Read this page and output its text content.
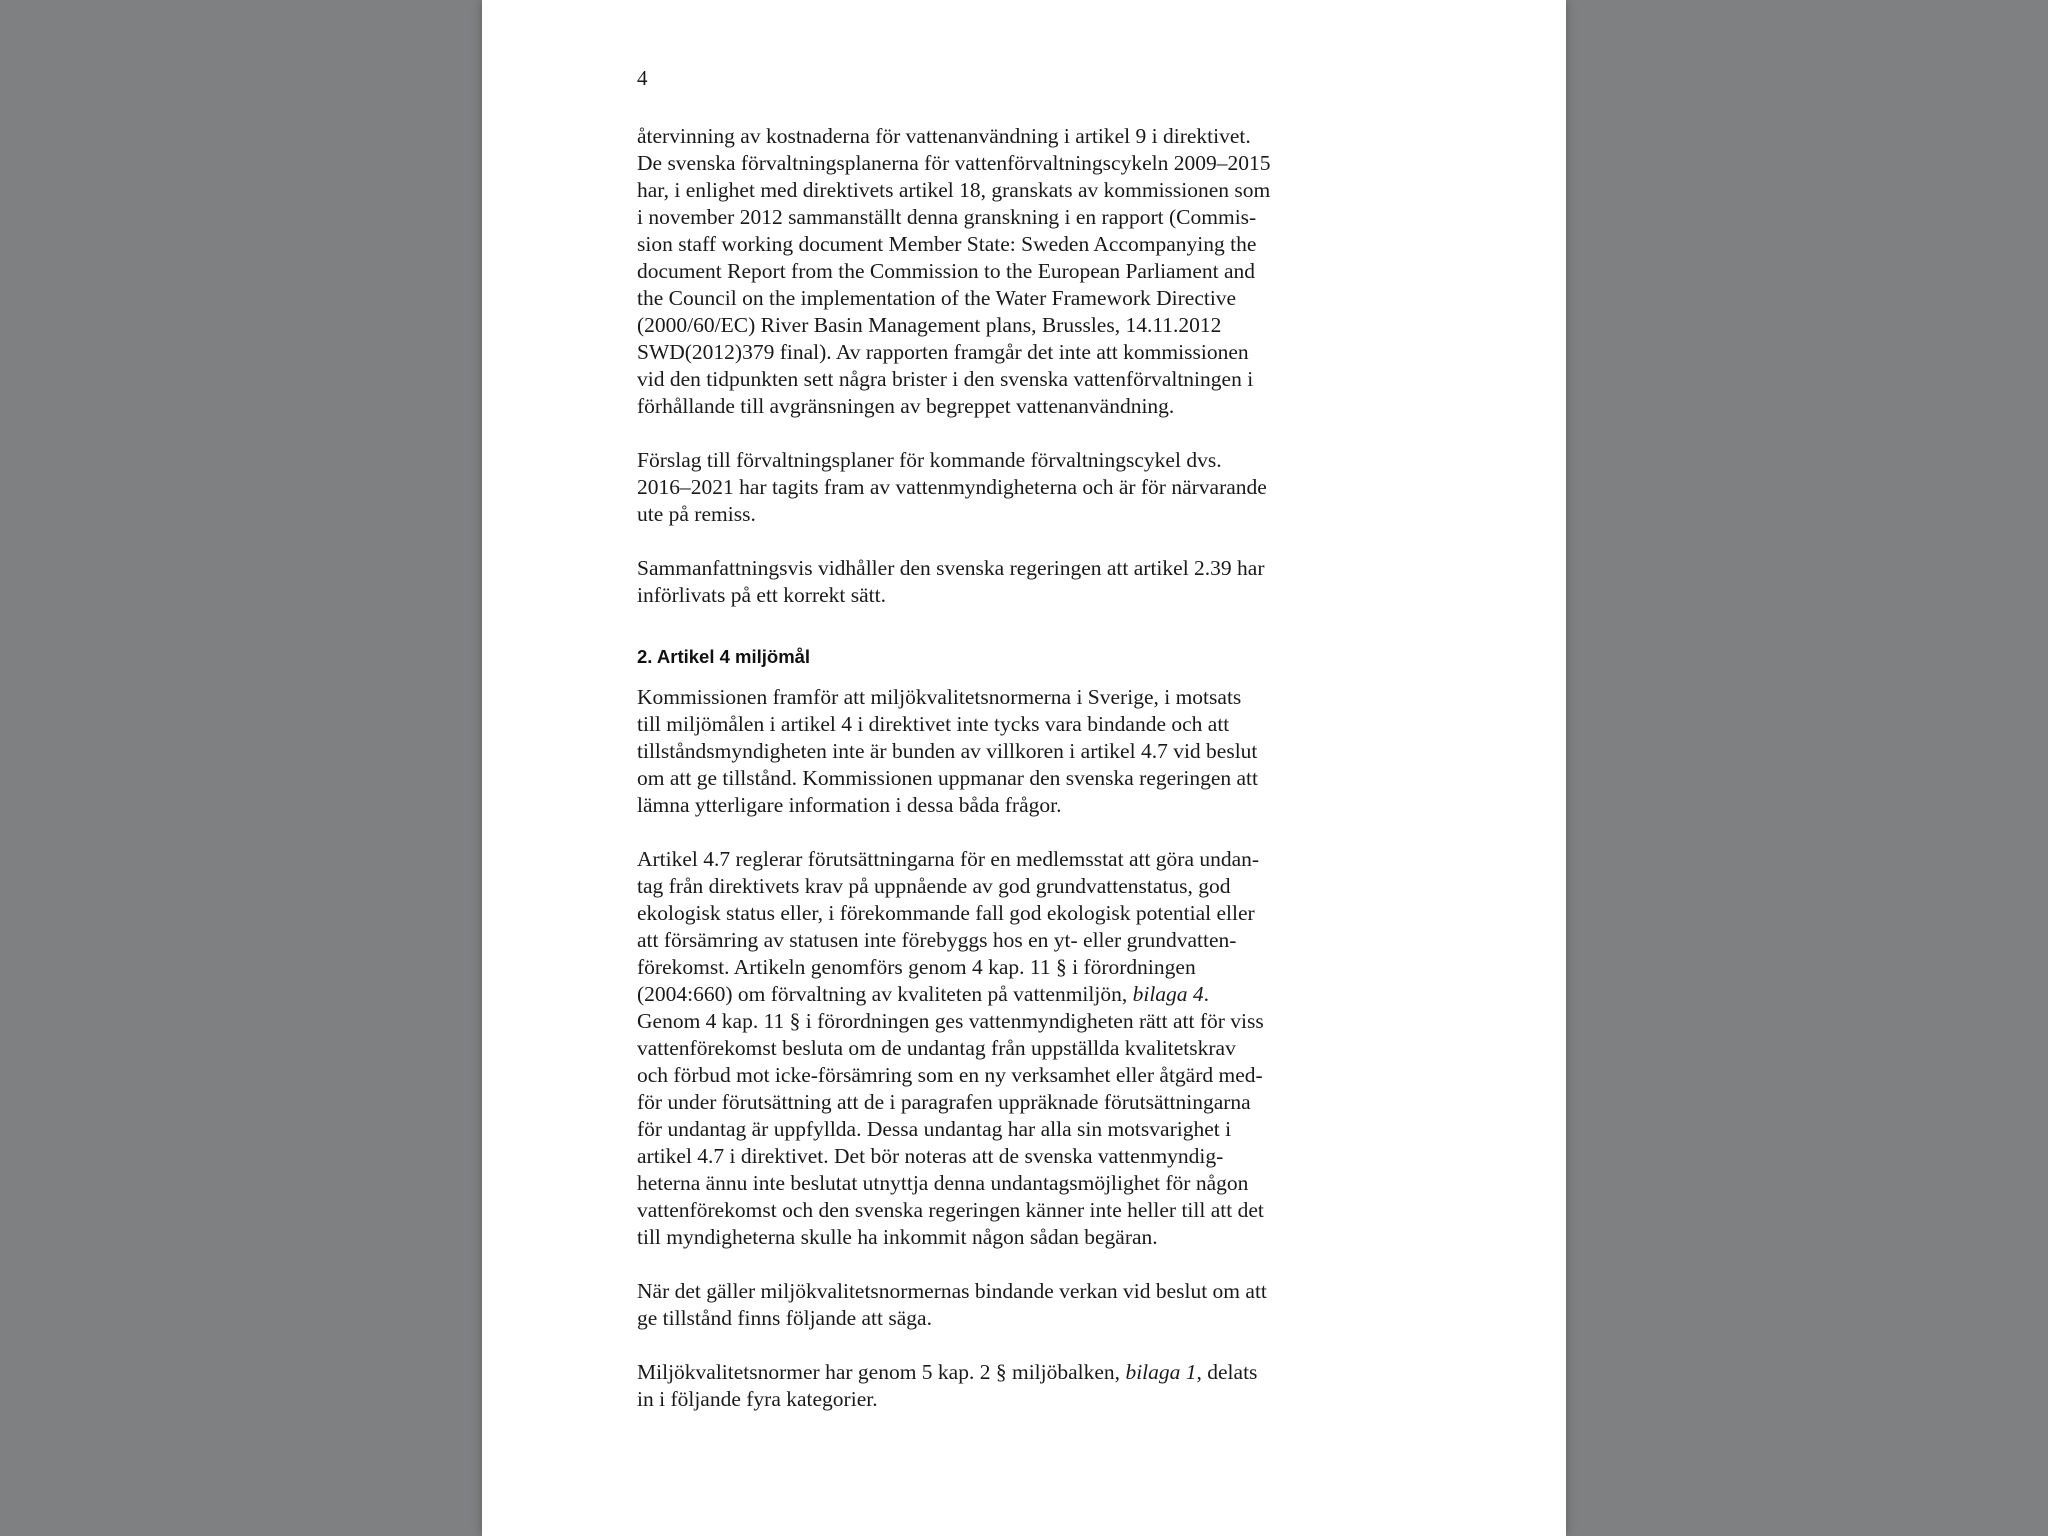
4

återvinning av kostnaderna för vattenanvändning i artikel 9 i direktivet.
De svenska förvaltningsplanerna för vattenförvaltningscykeln 2009–2015
har, i enlighet med direktivets artikel 18, granskats av kommissionen som
i november 2012 sammanställt denna granskning i en rapport (Commis-
sion staff working document Member State: Sweden Accompanying the
document Report from the Commission to the European Parliament and
the Council on the implementation of the Water Framework Directive
(2000/60/EC) River Basin Management plans, Brussles, 14.11.2012
SWD(2012)379 final). Av rapporten framgår det inte att kommissionen
vid den tidpunkten sett några brister i den svenska vattenförvaltningen i
förhållande till avgränsningen av begreppet vattenanvändning.

Förslag till förvaltningsplaner för kommande förvaltningscykel dvs.
2016–2021 har tagits fram av vattenmyndigheterna och är för närvarande
ute på remiss.

Sammanfattningsvis vidhåller den svenska regeringen att artikel 2.39 har
införlivats på ett korrekt sätt.

2. Artikel 4 miljömål

Kommissionen framför att miljökvalitetsnormerna i Sverige, i motsats
till miljömålen i artikel 4 i direktivet inte tycks vara bindande och att
tillståndsmyndigheten inte är bunden av villkoren i artikel 4.7 vid beslut
om att ge tillstånd. Kommissionen uppmanar den svenska regeringen att
lämna ytterligare information i dessa båda frågor.

Artikel 4.7 reglerar förutsättningarna för en medlemsstat att göra undan-
tag från direktivets krav på uppnående av god grundvattenstatus, god
ekologisk status eller, i förekommande fall god ekologisk potential eller
att försämring av statusen inte förebyggs hos en yt- eller grundvatten-
förekomst. Artikeln genomförs genom 4 kap. 11 § i förordningen
(2004:660) om förvaltning av kvaliteten på vattenmiljön, bilaga 4.
Genom 4 kap. 11 § i förordningen ges vattenmyndigheten rätt att för viss
vattenförekomst besluta om de undantag från uppställda kvalitetskrav
och förbud mot icke-försämring som en ny verksamhet eller åtgärd med-
för under förutsättning att de i paragrafen uppräknade förutsättningarna
för undantag är uppfyllda. Dessa undantag har alla sin motsvarighet i
artikel 4.7 i direktivet. Det bör noteras att de svenska vattenmyndig-
heterna ännu inte beslutat utnyttja denna undantagsmöjlighet för någon
vattenförekomst och den svenska regeringen känner inte heller till att det
till myndigheterna skulle ha inkommit någon sådan begäran.

När det gäller miljökvalitetsnormernas bindande verkan vid beslut om att
ge tillstånd finns följande att säga.

Miljökvalitetsnormer har genom 5 kap. 2 § miljöbalken, bilaga 1, delats
in i följande fyra kategorier.
